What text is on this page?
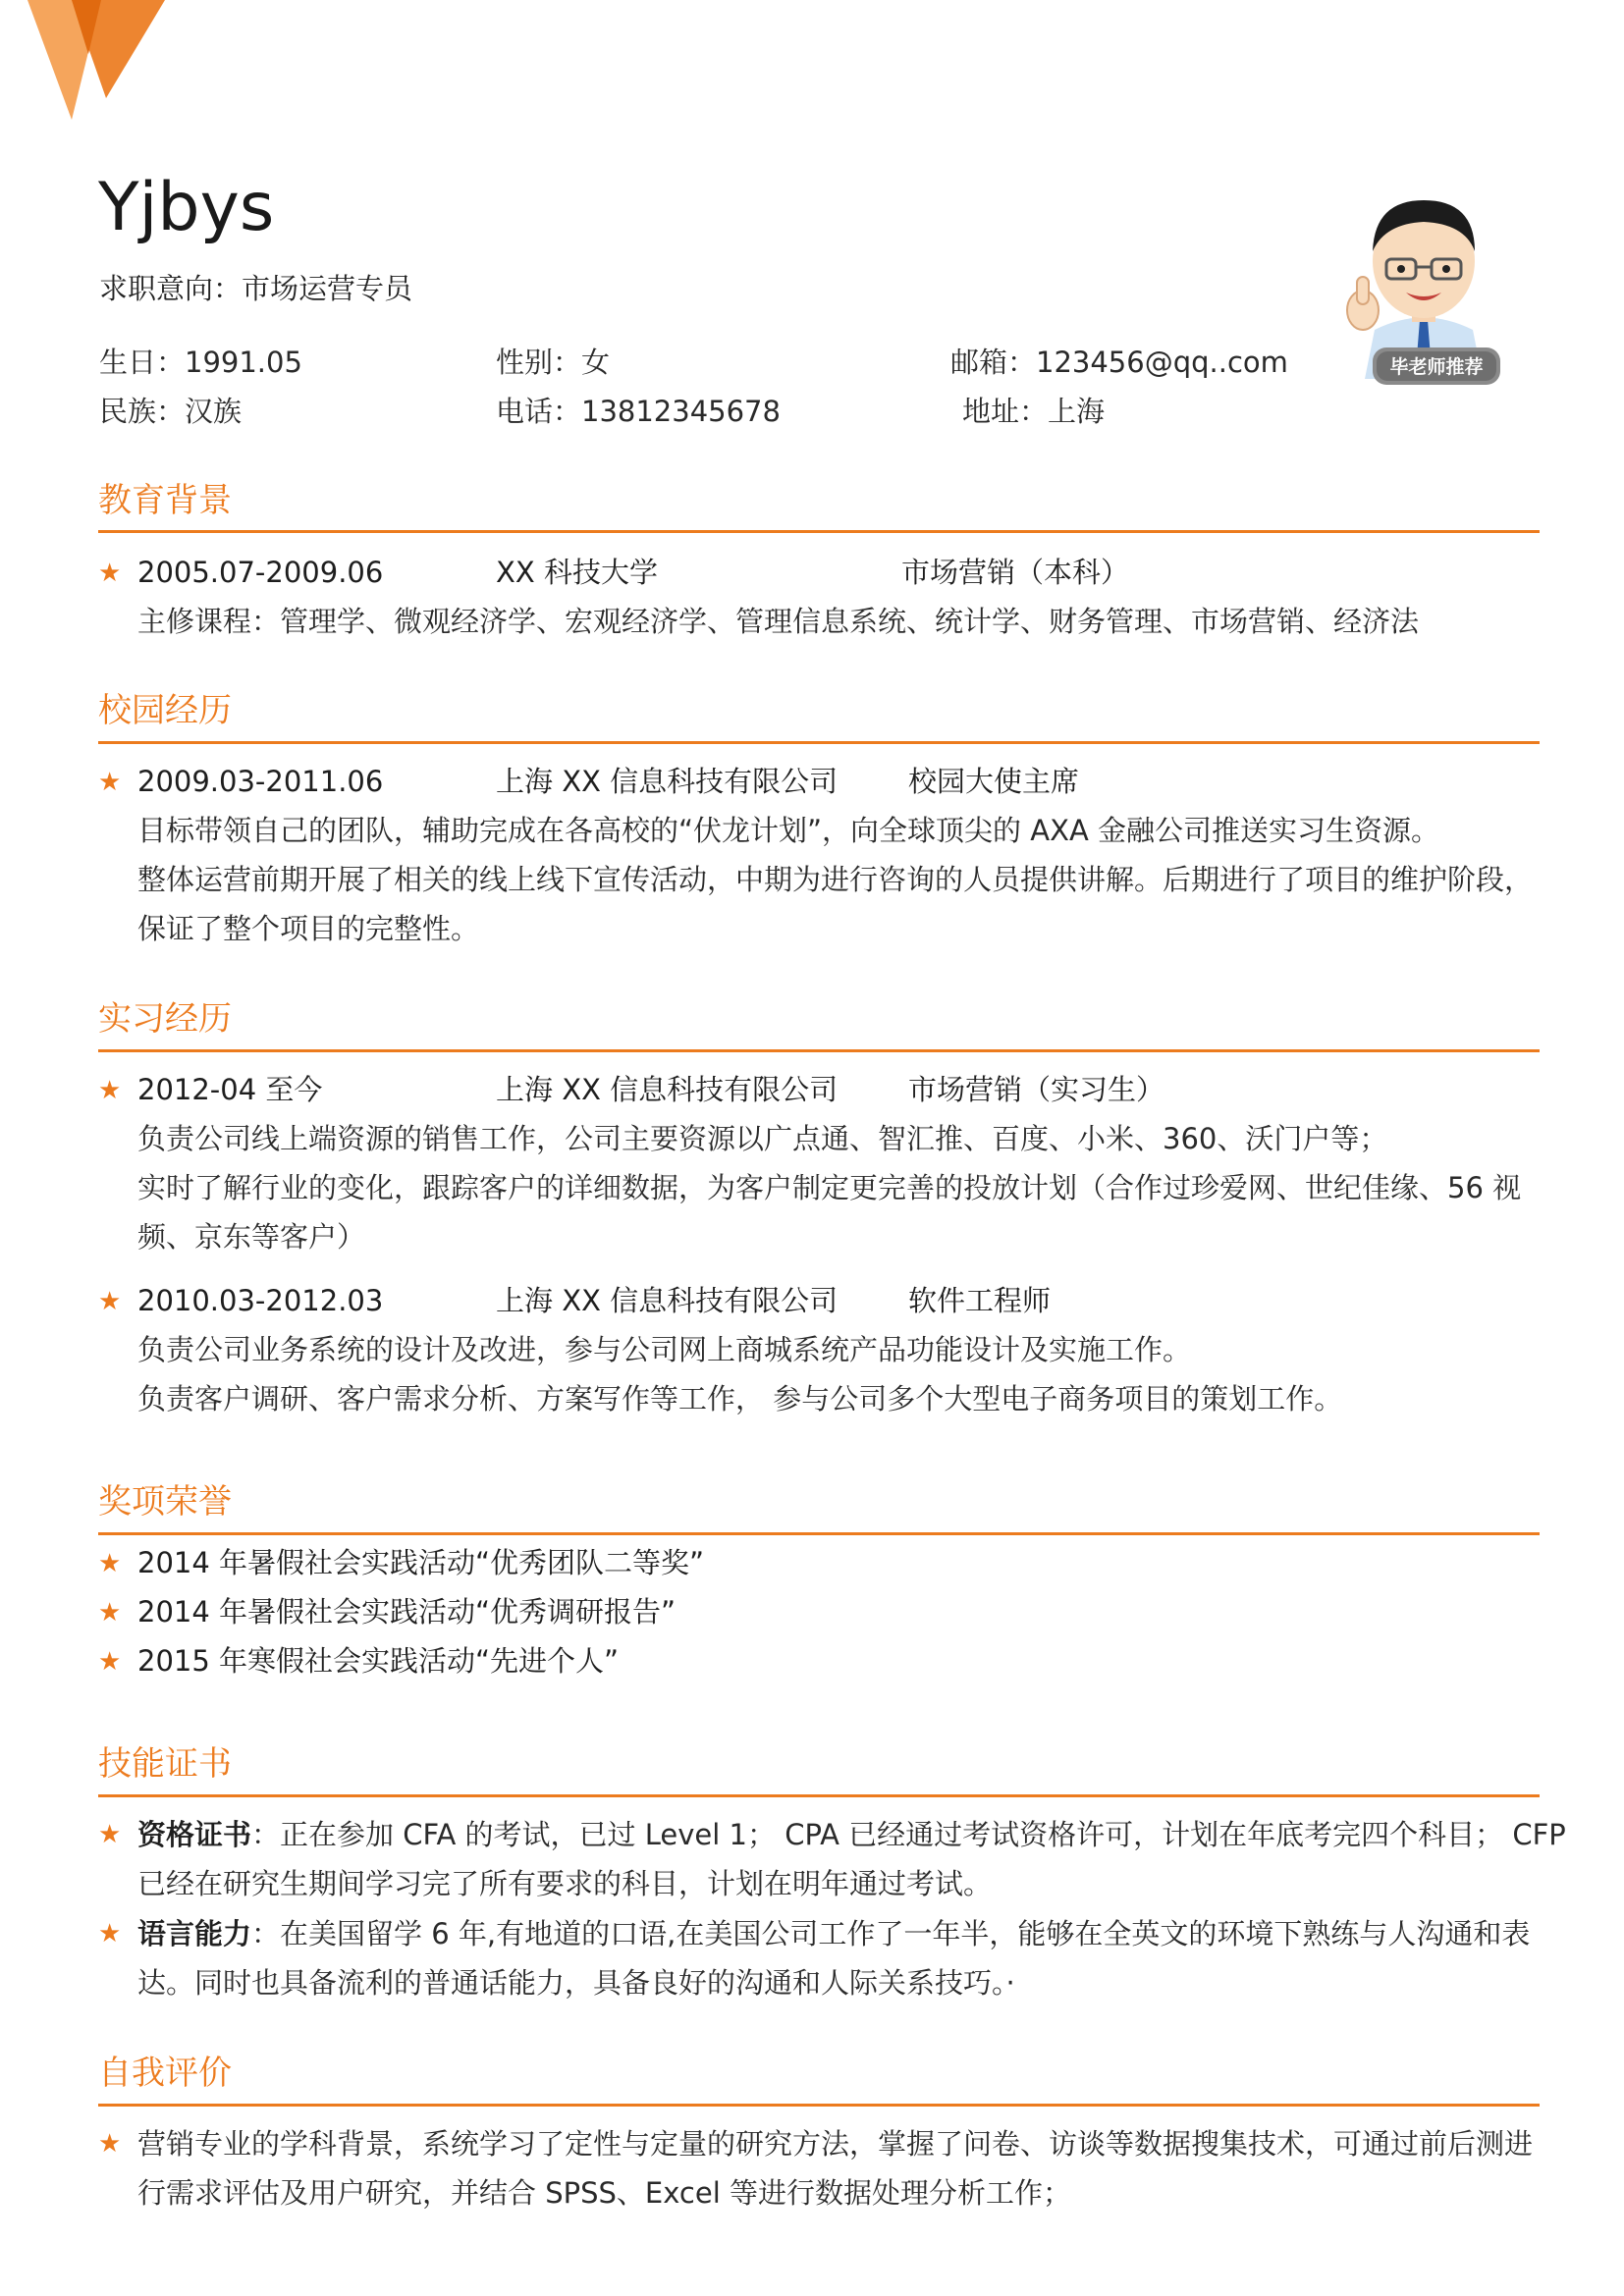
Yjbys
求职意向：市场运营专员
生日：1991.05	性别：女	邮箱：123456@qq..com
民族：汉族	电话：13812345678	地址：上海
毕老师推荐
教育背景
★ 2005.07-2009.06	XX 科技大学	市场营销（本科）
主修课程：管理学、微观经济学、宏观经济学、管理信息系统、统计学、财务管理、市场营销、经济法
校园经历
★ 2009.03-2011.06	上海 XX 信息科技有限公司 校园大使主席
目标带领自己的团队，辅助完成在各高校的“伏龙计划”，向全球顶尖的 AXA 金融公司推送实习生资源。
整体运营前期开展了相关的线上线下宣传活动，中期为进行咨询的人员提供讲解。后期进行了项目的维护阶段，
保证了整个项目的完整性。
实习经历
★ 2012-04 至今	上海 XX 信息科技有限公司 市场营销（实习生）
负责公司线上端资源的销售工作，公司主要资源以广点通、智汇推、百度、小米、360、沃门户等；
实时了解行业的变化，跟踪客户的详细数据，为客户制定更完善的投放计划（合作过珍爱网、世纪佳缘、56 视
频、京东等客户）
★ 2010.03-2012.03	上海 XX 信息科技有限公司 软件工程师
负责公司业务系统的设计及改进，参与公司网上商城系统产品功能设计及实施工作。
负责客户调研、客户需求分析、方案写作等工作， 参与公司多个大型电子商务项目的策划工作。
奖项荣誉
★ 2014 年暑假社会实践活动“优秀团队二等奖”
★ 2014 年暑假社会实践活动“优秀调研报告”
★ 2015 年寒假社会实践活动“先进个人”
技能证书
★ 资格证书：正在参加 CFA 的考试，已过 Level 1； CPA 已经通过考试资格许可，计划在年底考完四个科目； CFP
已经在研究生期间学习完了所有要求的科目，计划在明年通过考试。
★ 语言能力：在美国留学 6 年,有地道的口语,在美国公司工作了一年半，能够在全英文的环境下熟练与人沟通和表
达。同时也具备流利的普通话能力，具备良好的沟通和人际关系技巧。·
自我评价
★ 营销专业的学科背景，系统学习了定性与定量的研究方法，掌握了问卷、访谈等数据搜集技术，可通过前后测进
行需求评估及用户研究，并结合 SPSS、Excel 等进行数据处理分析工作；
